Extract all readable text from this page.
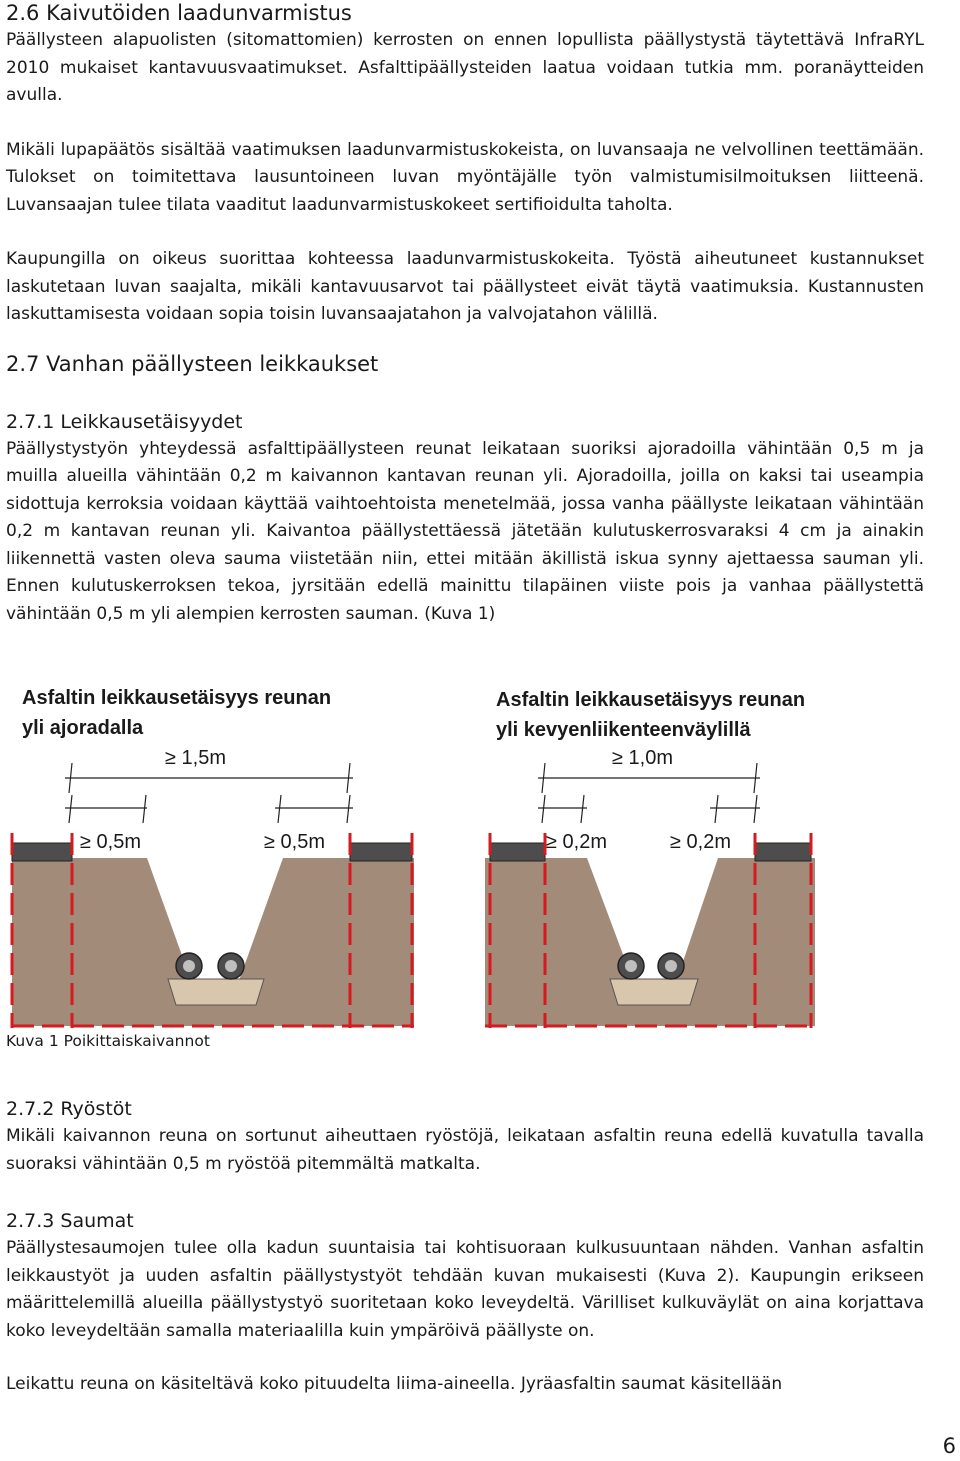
2.6 Kaivutöiden laadunvarmistus

Päällysteen alapuolisten (sitomattomien) kerrosten on ennen lopullista päällystystä täytettävä InfraRYL 2010 mukaiset kantavuusvaatimukset. Asfalttipäällysteiden laatua voidaan tutkia mm. poranäytteiden avulla.

Mikäli lupapäätös sisältää vaatimuksen laadunvarmistuskokeista, on luvansaaja ne velvollinen teettämään. Tulokset on toimitettava lausuntoineen luvan myöntäjälle työn valmistumisilmoituksen liitteenä. Luvansaajan tulee tilata vaaditut laadunvarmistuskokeet sertifioidulta taholta.

Kaupungilla on oikeus suorittaa kohteessa laadunvarmistuskokeita. Työstä aiheutuneet kustannukset laskutetaan luvan saajalta, mikäli kantavuusarvot tai päällysteet eivät täytä vaatimuksia. Kustannusten laskuttamisesta voidaan sopia toisin luvansaajatahon ja valvojatahon välillä.

2.7 Vanhan päällysteen leikkaukset
2.7.1 Leikkausetäisyydet

Päällystystyön yhteydessä asfalttipäällysteen reunat leikataan suoriksi ajoradoilla vähintään 0,5 m ja muilla alueilla vähintään 0,2 m kaivannon kantavan reunan yli. Ajoradoilla, joilla on kaksi tai useampia sidottuja kerroksia voidaan käyttää vaihtoehtoista menetelmää, jossa vanha päällyste leikataan vähintään 0,2 m kantavan reunan yli. Kaivantoa päällystettäessä jätetään kulutuskerrosvaraksi 4 cm ja ainakin liikennettä vasten oleva sauma viistetään niin, ettei mitään äkillistä iskua synny ajettaessa sauman yli. Ennen kulutuskerroksen tekoa, jyrsitään edellä mainittu tilapäinen viiste pois ja vanhaa päällystettä vähintään 0,5 m yli alempien kerrosten sauman. (Kuva 1)

Asfaltin leikkausetäisyys reunan
yli ajoradalla
Asfaltin leikkausetäisyys reunan
yli kevyenliikenteenväylillä
≥ 1,5m
≥ 0,5m	≥ 0,5m
≥ 1,0m
≥ 0,2m	≥ 0,2m
Kuva 1 Poikittaiskaivannot
2.7.2 Ryöstöt

Mikäli kaivannon reuna on sortunut aiheuttaen ryöstöjä, leikataan asfaltin reuna edellä kuvatulla tavalla suoraksi vähintään 0,5 m ryöstöä pitemmältä matkalta.

2.7.3 Saumat

Päällystesaumojen tulee olla kadun suuntaisia tai kohtisuoraan kulkusuuntaan nähden. Vanhan asfaltin leikkaustyöt ja uuden asfaltin päällystystyöt tehdään kuvan mukaisesti (Kuva 2). Kaupungin erikseen määrittelemillä alueilla päällystystyö suoritetaan koko leveydeltä. Värilliset kulkuväylät on aina korjattava koko leveydeltään samalla materiaalilla kuin ympäröivä päällyste on.

Leikattu reuna on käsiteltävä koko pituudelta liima-aineella. Jyräasfaltin saumat käsitellään

6
